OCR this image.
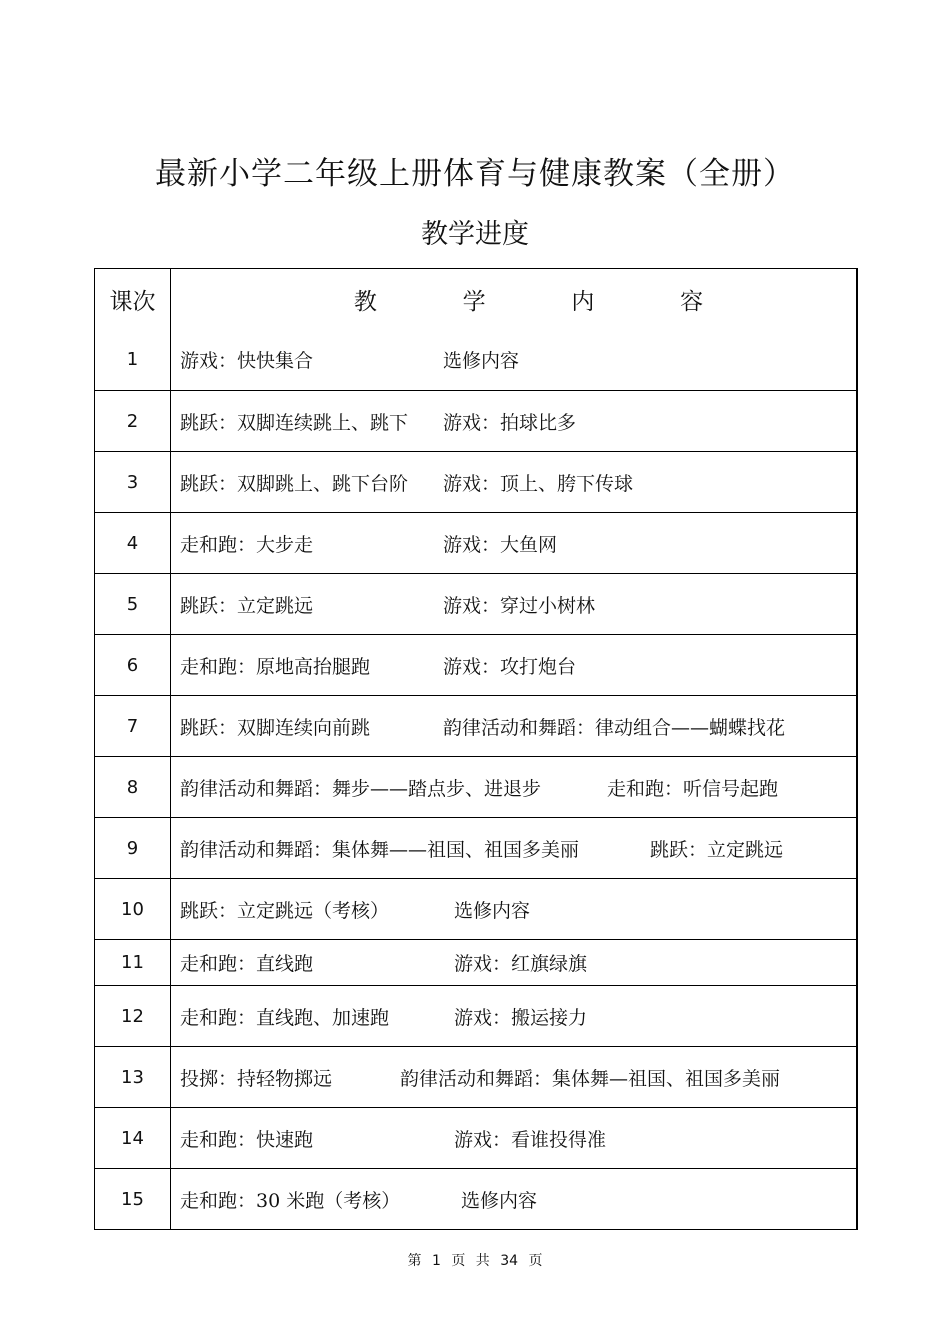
最新小学二年级上册体育与健康教案（全册）
教学进度
课次	教	学	内	容
1	游戏：快快集合	选修内容
2	跳跃：双脚连续跳上、跳下	游戏：拍球比多
3	跳跃：双脚跳上、跳下台阶	游戏：顶上、胯下传球
4	走和跑：大步走	游戏：大鱼网
5	跳跃：立定跳远	游戏：穿过小树林
6	走和跑：原地高抬腿跑	游戏：攻打炮台
7	跳跃：双脚连续向前跳	韵律活动和舞蹈：律动组合——蝴蝶找花
8	韵律活动和舞蹈：舞步——踏点步、进退步	走和跑：听信号起跑
9	韵律活动和舞蹈：集体舞——祖国、祖国多美丽	跳跃：立定跳远
10	跳跃：立定跳远（考核）	选修内容
11	走和跑：直线跑	游戏：红旗绿旗
12	走和跑：直线跑、加速跑	游戏：搬运接力
13	投掷：持轻物掷远	韵律活动和舞蹈：集体舞—祖国、祖国多美丽
14	走和跑：快速跑	游戏：看谁投得准
15	走和跑：30 米跑（考核）	选修内容
第 1 页 共 34 页
